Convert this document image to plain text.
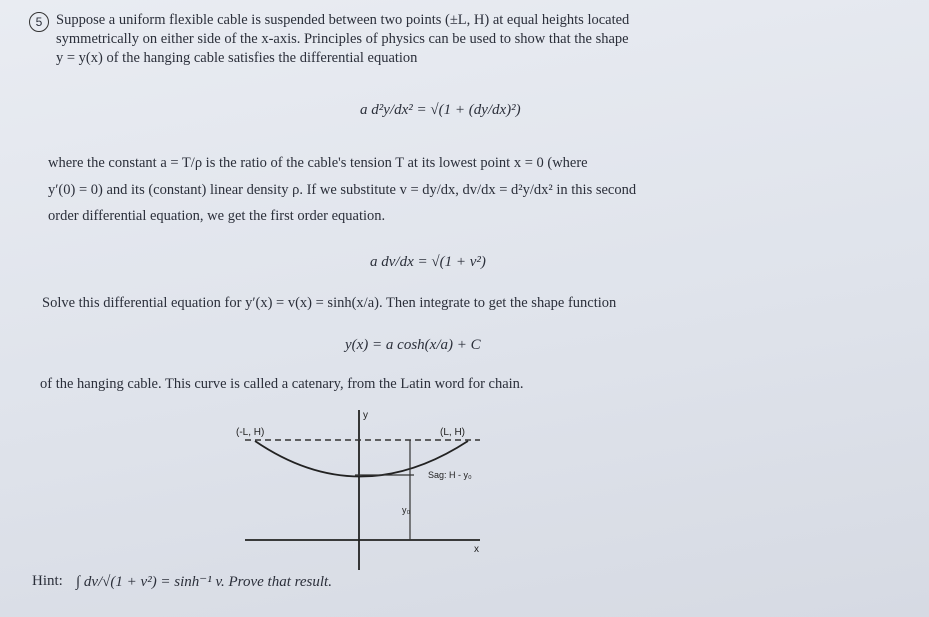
5 Suppose a uniform flexible cable is suspended between two points (±L, H) at equal heights located
symmetrically on either side of the x-axis. Principles of physics can be used to show that the shape
y = y(x) of the hanging cable satisfies the differential equation
a d²y/dx² = √(1 + (dy/dx)²)
where the constant a = T/ρ is the ratio of the cable's tension T at its lowest point x = 0 (where
y′(0) = 0) and its (constant) linear density ρ. If we substitute v = dy/dx, dv/dx = d²y/dx² in this second
order differential equation, we get the first order equation.
a dv/dx = √(1 + v²)
Solve this differential equation for y′(x) = v(x) = sinh(x/a). Then integrate to get the shape function
y(x) = a cosh(x/a) + C
of the hanging cable. This curve is called a catenary, from the Latin word for chain.
(-L, H)	(L, H)
Sag: H - y₀
y₀
y
x
Hint: ∫ dv/√(1 + v²) = sinh⁻¹ v. Prove that result.
